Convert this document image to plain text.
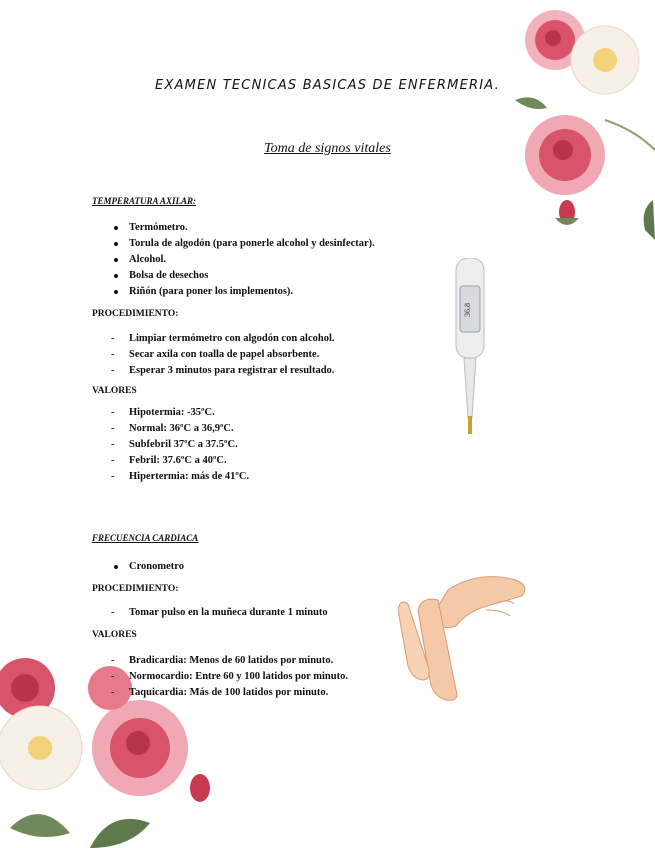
EXAMEN TECNICAS BASICAS DE ENFERMERIA.
Toma de signos vitales

TEMPERATURA AXILAR:

Termómetro.
Torula de algodón (para ponerle alcohol y desinfectar).
Alcohol.
Bolsa de desechos
Riñón (para poner los implementos).

PROCEDIMIENTO:

- Limpiar termómetro con algodón con alcohol.
- Secar axila con toalla de papel absorbente.
- Esperar 3 minutos para registrar el resultado.

VALORES

- Hipotermia: -35ºC.
- Normal: 36ºC a 36,9ºC.
- Subfebril 37ºC a 37.5ºC.
- Febril: 37.6ºC a 40ºC.
- Hipertermia: más de 41ºC.

FRECUENCIA CARDIACA

Cronometro

PROCEDIMIENTO:

- Tomar pulso en la muñeca durante 1 minuto

VALORES

- Bradicardia: Menos de 60 latidos por minuto.
- Normocardio: Entre 60 y 100 latidos por minuto.
- Taquicardia: Más de 100 latidos por minuto.
36.8
